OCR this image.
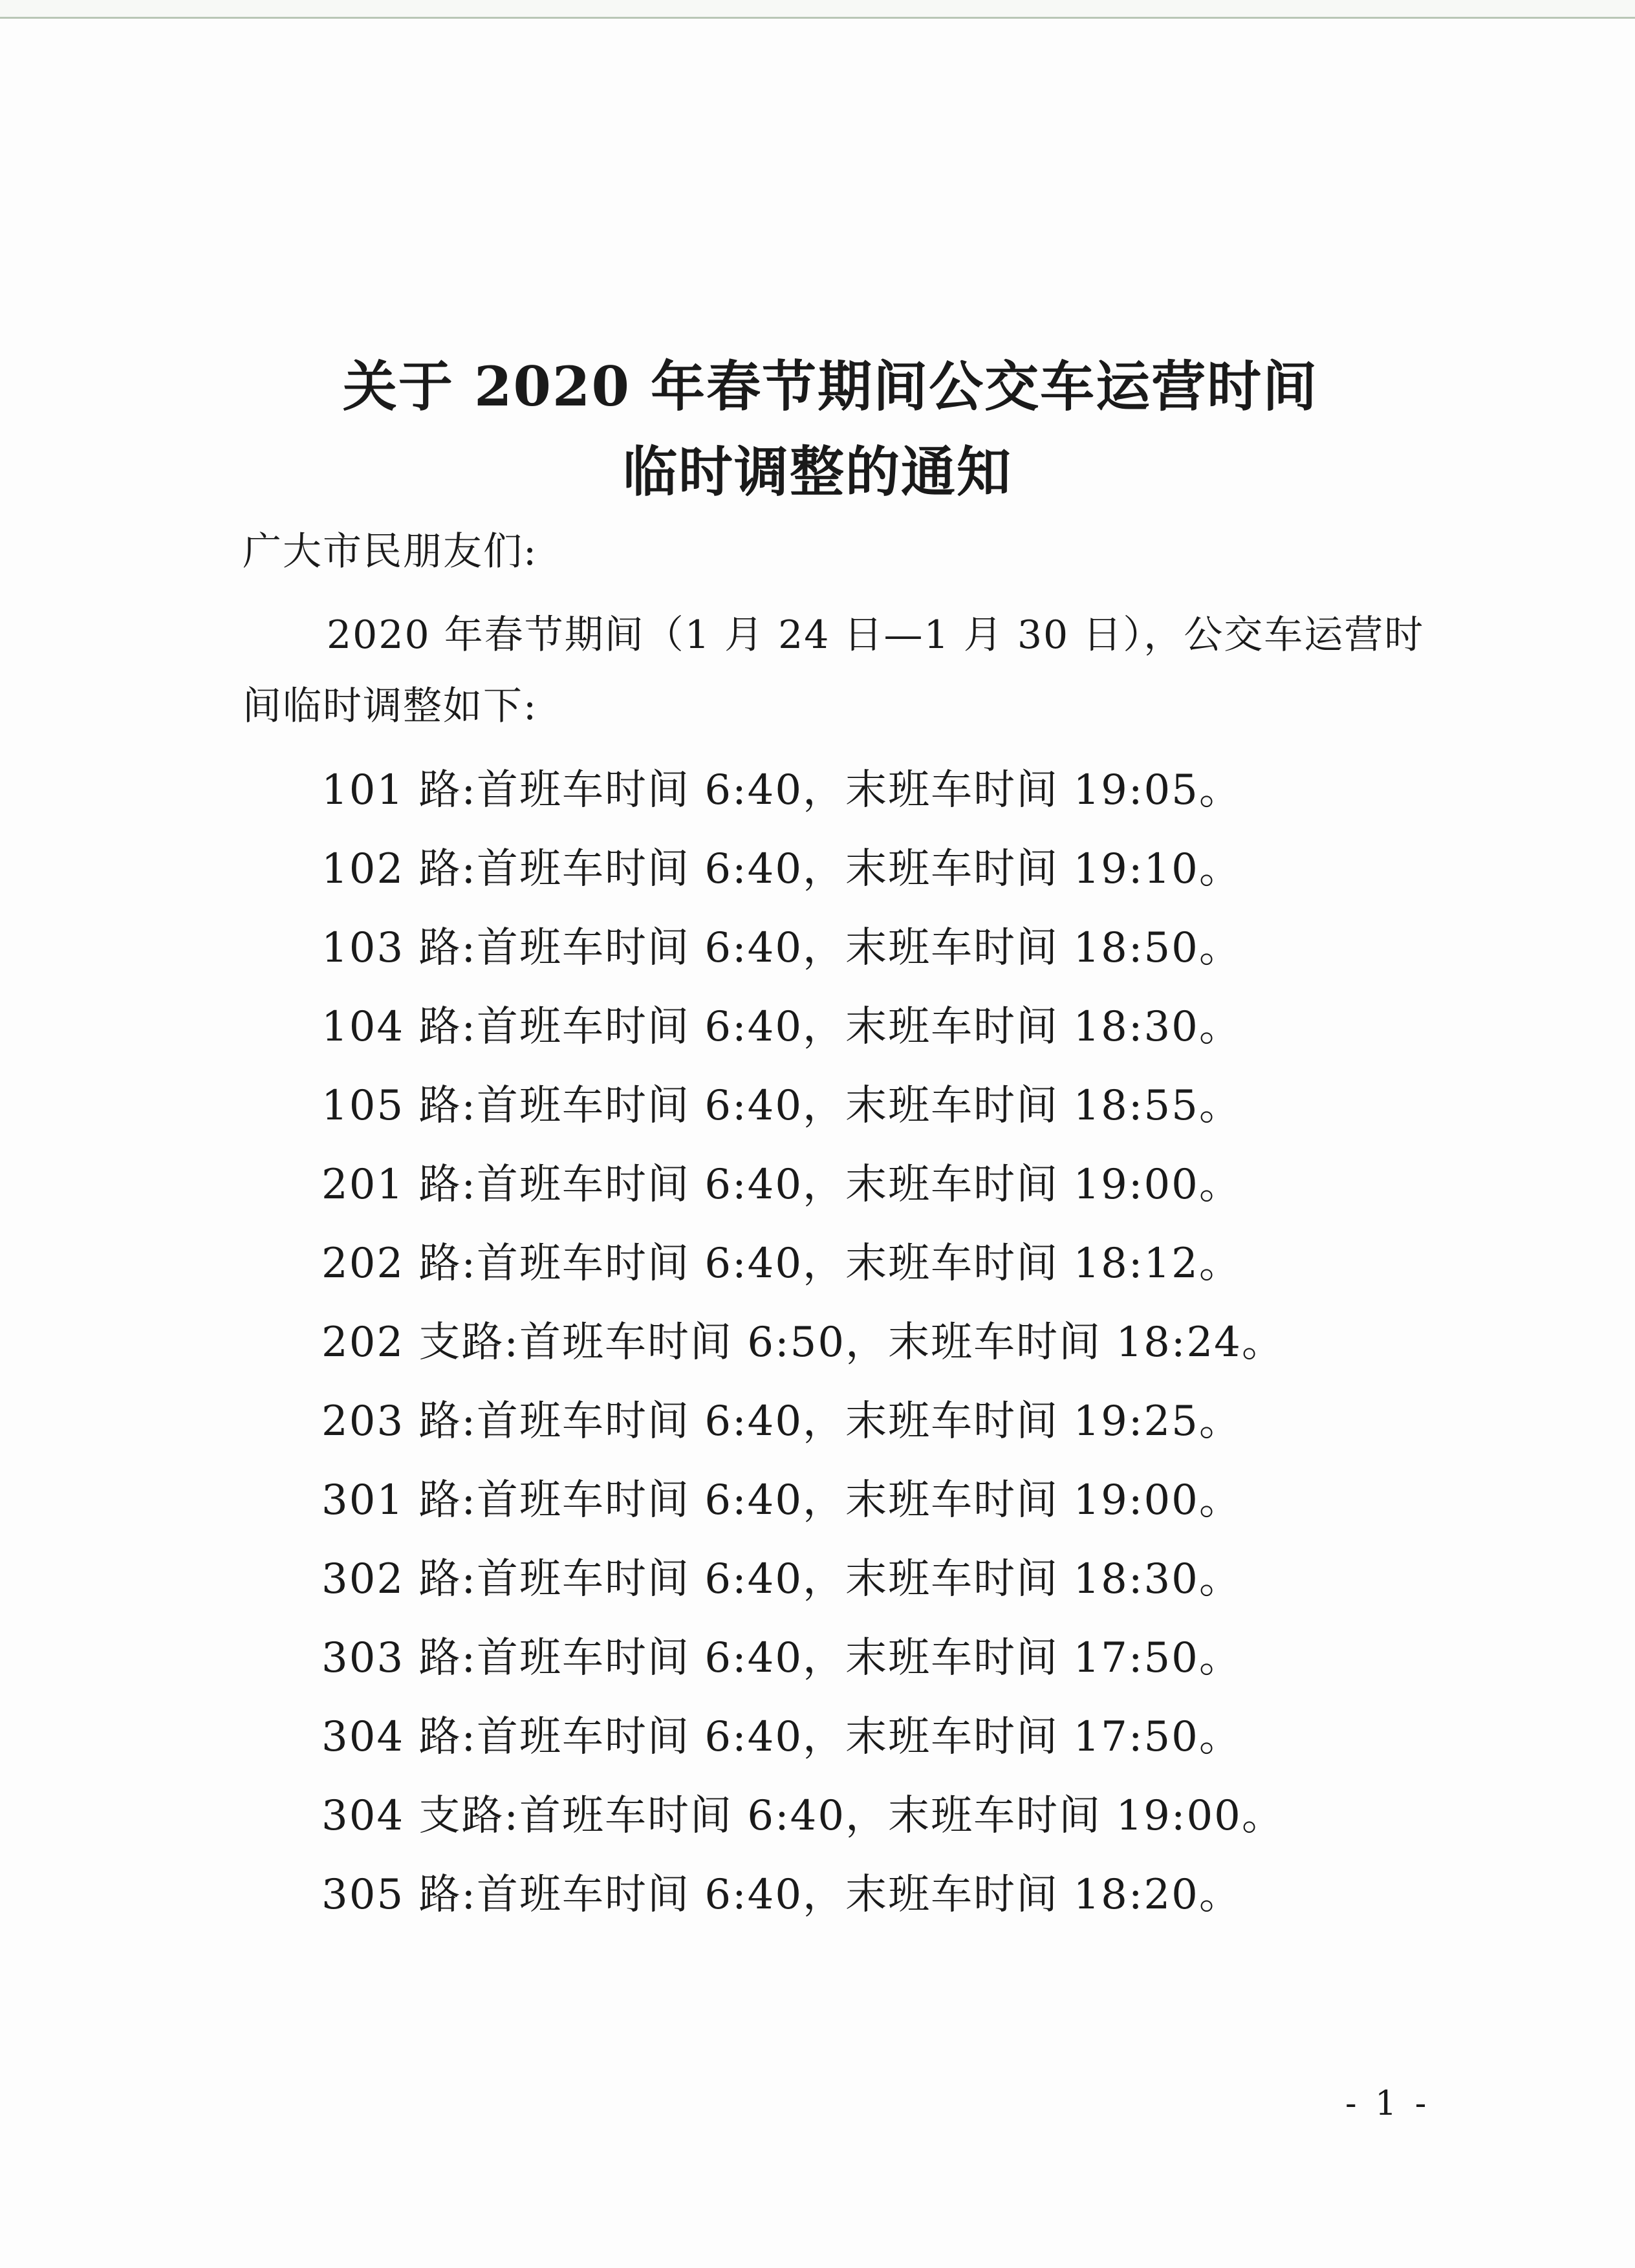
关于 2020 年春节期间公交车运营时间
临时调整的通知
广大市民朋友们:
2020 年春节期间（1 月 24 日—1 月 30 日），公交车运营时
间临时调整如下:
101 路:首班车时间 6:40，末班车时间 19:05。
102 路:首班车时间 6:40，末班车时间 19:10。
103 路:首班车时间 6:40，末班车时间 18:50。
104 路:首班车时间 6:40，末班车时间 18:30。
105 路:首班车时间 6:40，末班车时间 18:55。
201 路:首班车时间 6:40，末班车时间 19:00。
202 路:首班车时间 6:40，末班车时间 18:12。
202 支路:首班车时间 6:50，末班车时间 18:24。
203 路:首班车时间 6:40，末班车时间 19:25。
301 路:首班车时间 6:40，末班车时间 19:00。
302 路:首班车时间 6:40，末班车时间 18:30。
303 路:首班车时间 6:40，末班车时间 17:50。
304 路:首班车时间 6:40，末班车时间 17:50。
304 支路:首班车时间 6:40，末班车时间 19:00。
305 路:首班车时间 6:40，末班车时间 18:20。
- 1 -
